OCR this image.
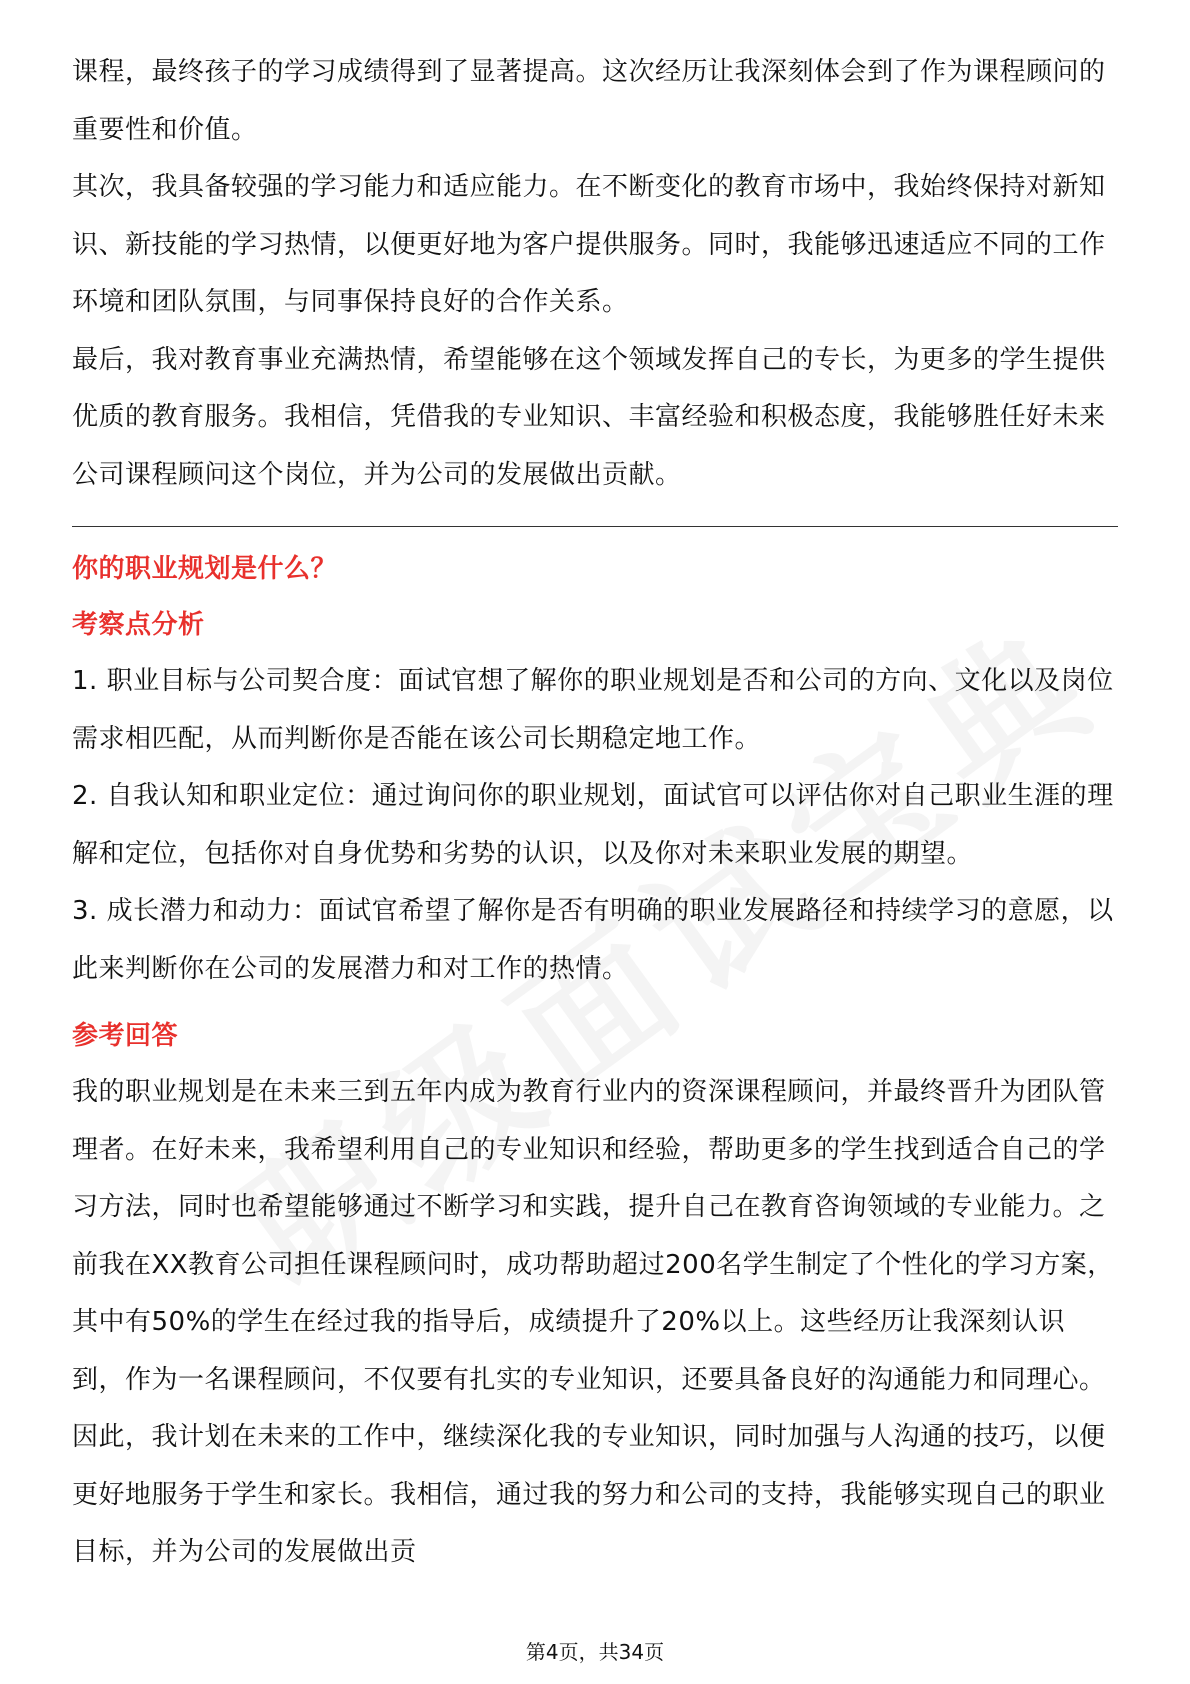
课程，最终孩子的学习成绩得到了显著提高。这次经历让我深刻体会到了作为课程顾问的重要性和价值。

其次，我具备较强的学习能力和适应能力。在不断变化的教育市场中，我始终保持对新知识、新技能的学习热情，以便更好地为客户提供服务。同时，我能够迅速适应不同的工作环境和团队氛围，与同事保持良好的合作关系。

最后，我对教育事业充满热情，希望能够在这个领域发挥自己的专长，为更多的学生提供优质的教育服务。我相信，凭借我的专业知识、丰富经验和积极态度，我能够胜任好未来公司课程顾问这个岗位，并为公司的发展做出贡献。

你的职业规划是什么？
考察点分析

1. 职业目标与公司契合度：面试官想了解你的职业规划是否和公司的方向、文化以及岗位需求相匹配，从而判断你是否能在该公司长期稳定地工作。

2. 自我认知和职业定位：通过询问你的职业规划，面试官可以评估你对自己职业生涯的理解和定位，包括你对自身优势和劣势的认识，以及你对未来职业发展的期望。

3. 成长潜力和动力：面试官希望了解你是否有明确的职业发展路径和持续学习的意愿，以此来判断你在公司的发展潜力和对工作的热情。

参考回答

我的职业规划是在未来三到五年内成为教育行业内的资深课程顾问，并最终晋升为团队管理者。在好未来，我希望利用自己的专业知识和经验，帮助更多的学生找到适合自己的学习方法，同时也希望能够通过不断学习和实践，提升自己在教育咨询领域的专业能力。之前我在XX教育公司担任课程顾问时，成功帮助超过200名学生制定了个性化的学习方案，其中有50%的学生在经过我的指导后，成绩提升了20%以上。这些经历让我深刻认识到，作为一名课程顾问，不仅要有扎实的专业知识，还要具备良好的沟通能力和同理心。因此，我计划在未来的工作中，继续深化我的专业知识，同时加强与人沟通的技巧，以便更好地服务于学生和家长。我相信，通过我的努力和公司的支持，我能够实现自己的职业目标，并为公司的发展做出贡

第4页，共34页
